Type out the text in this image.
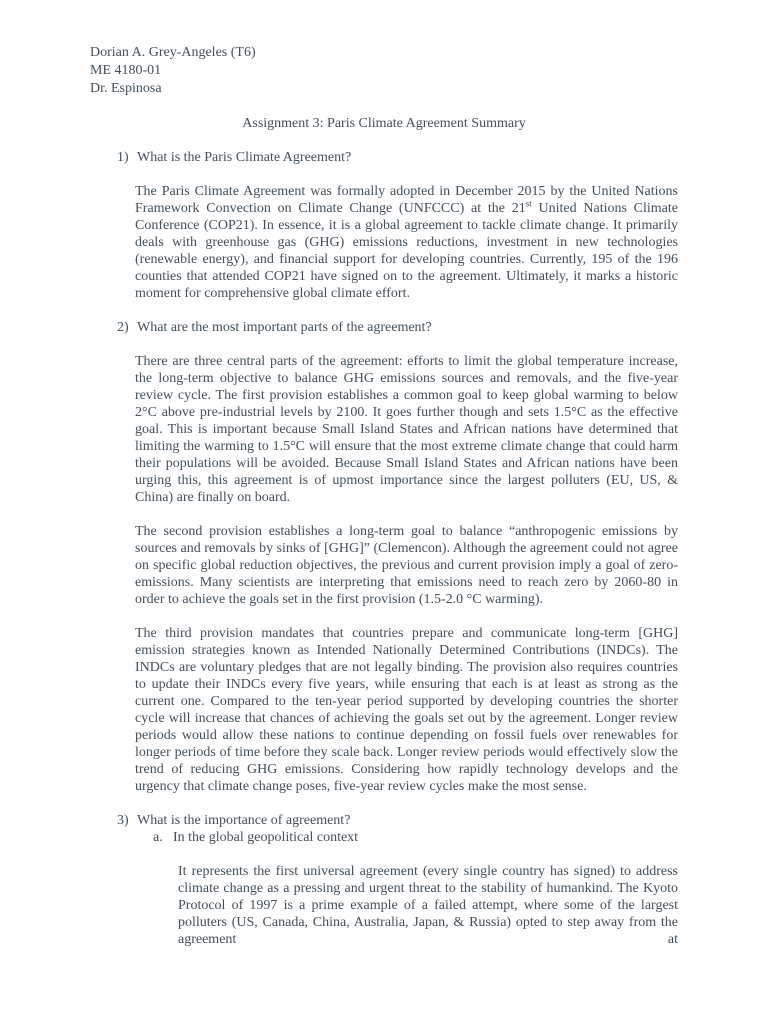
Dorian A. Grey-Angeles (T6)
ME 4180-01
Dr. Espinosa
Assignment 3: Paris Climate Agreement Summary
1) What is the Paris Climate Agreement?

The Paris Climate Agreement was formally adopted in December 2015 by the United Nations Framework Convection on Climate Change (UNFCCC) at the 21st United Nations Climate Conference (COP21). In essence, it is a global agreement to tackle climate change. It primarily deals with greenhouse gas (GHG) emissions reductions, investment in new technologies (renewable energy), and financial support for developing countries. Currently, 195 of the 196 counties that attended COP21 have signed on to the agreement. Ultimately, it marks a historic moment for comprehensive global climate effort.

2) What are the most important parts of the agreement?

There are three central parts of the agreement: efforts to limit the global temperature increase, the long-term objective to balance GHG emissions sources and removals, and the five-year review cycle. The first provision establishes a common goal to keep global warming to below 2°C above pre-industrial levels by 2100. It goes further though and sets 1.5°C as the effective goal. This is important because Small Island States and African nations have determined that limiting the warming to 1.5°C will ensure that the most extreme climate change that could harm their populations will be avoided. Because Small Island States and African nations have been urging this, this agreement is of upmost importance since the largest polluters (EU, US, & China) are finally on board.

The second provision establishes a long-term goal to balance “anthropogenic emissions by sources and removals by sinks of [GHG]” (Clemencon). Although the agreement could not agree on specific global reduction objectives, the previous and current provision imply a goal of zero-emissions. Many scientists are interpreting that emissions need to reach zero by 2060-80 in order to achieve the goals set in the first provision (1.5-2.0 °C warming).

The third provision mandates that countries prepare and communicate long-term [GHG] emission strategies known as Intended Nationally Determined Contributions (INDCs). The INDCs are voluntary pledges that are not legally binding. The provision also requires countries to update their INDCs every five years, while ensuring that each is at least as strong as the current one. Compared to the ten-year period supported by developing countries the shorter cycle will increase that chances of achieving the goals set out by the agreement. Longer review periods would allow these nations to continue depending on fossil fuels over renewables for longer periods of time before they scale back. Longer review periods would effectively slow the trend of reducing GHG emissions. Considering how rapidly technology develops and the urgency that climate change poses, five-year review cycles make the most sense.

3) What is the importance of agreement?
a. In the global geopolitical context

It represents the first universal agreement (every single country has signed) to address climate change as a pressing and urgent threat to the stability of humankind. The Kyoto Protocol of 1997 is a prime example of a failed attempt, where some of the largest polluters (US, Canada, China, Australia, Japan, & Russia) opted to step away from the agreement at
